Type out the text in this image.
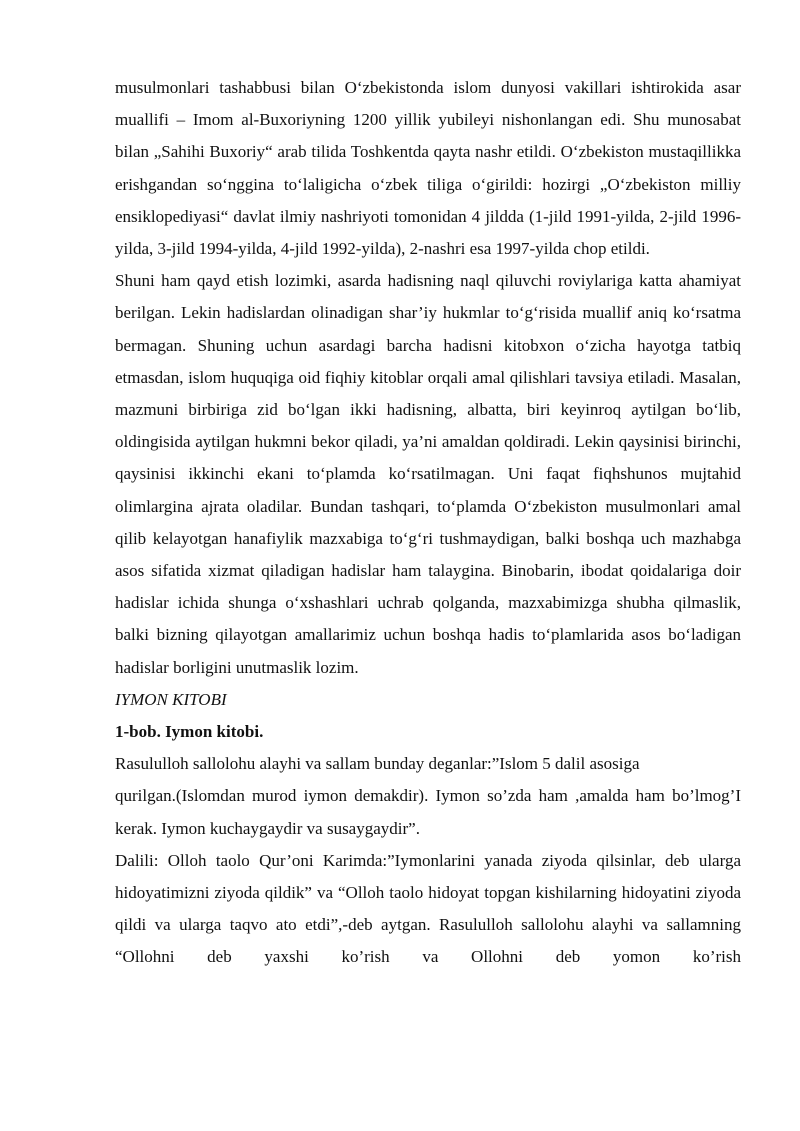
musulmonlari tashabbusi bilan O‘zbekistonda islom dunyosi vakillari ishtirokida asar muallifi – Imom al-Buxoriyning 1200 yillik yubileyi nishonlangan edi. Shu munosabat bilan „Sahihi Buxoriy“ arab tilida Toshkentda qayta nashr etildi. O‘zbekiston mustaqillikka erishgandan so‘nggina to‘laligicha o‘zbek tiliga o‘girildi: hozirgi „O‘zbekiston milliy ensiklopediyasi“ davlat ilmiy nashriyoti tomonidan 4 jildda (1-jild 1991-yilda, 2-jild 1996-yilda, 3-jild 1994-yilda, 4-jild 1992-yilda), 2-nashri esa 1997-yilda chop etildi.

Shuni ham qayd etish lozimki, asarda hadisning naql qiluvchi roviylariga katta ahamiyat berilgan. Lekin hadislardan olinadigan shar’iy hukmlar to‘g‘risida muallif aniq ko‘rsatma bermagan. Shuning uchun asardagi barcha hadisni kitobxon o‘zicha hayotga tatbiq etmasdan, islom huquqiga oid fiqhiy kitoblar orqali amal qilishlari tavsiya etiladi. Masalan, mazmuni birbiriga zid bo‘lgan ikki hadisning, albatta, biri keyinroq aytilgan bo‘lib, oldingisida aytilgan hukmni bekor qiladi, ya’ni amaldan qoldiradi. Lekin qaysinisi birinchi, qaysinisi ikkinchi ekani to‘plamda ko‘rsatilmagan. Uni faqat fiqhshunos mujtahid olimlargina ajrata oladilar. Bundan tashqari, to‘plamda O‘zbekiston musulmonlari amal qilib kelayotgan hanafiylik mazxabiga to‘g‘ri tushmaydigan, balki boshqa uch mazhabga asos sifatida xizmat qiladigan hadislar ham talaygina. Binobarin, ibodat qoidalariga doir hadislar ichida shunga o‘xshashlari uchrab qolganda, mazxabimizga shubha qilmaslik, balki bizning qilayotgan amallarimiz uchun boshqa hadis to‘plamlarida asos bo‘ladigan hadislar borligini unutmaslik lozim.

IYMON KITOBI

1-bob. Iymon kitobi.

Rasululloh sallolohu alayhi va sallam bunday deganlar:”Islom 5 dalil asosiga

qurilgan.(Islomdan murod iymon demakdir). Iymon so’zda ham ,amalda ham bo’lmog’I kerak. Iymon kuchaygaydir va susaygaydir”.

Dalili: Olloh taolo Qur’oni Karimda:”Iymonlarini yanada ziyoda qilsinlar, deb ularga hidoyatimizni ziyoda qildik” va “Olloh taolo hidoyat topgan kishilarning hidoyatini ziyoda qildi va ularga taqvo ato etdi”,-deb aytgan. Rasululloh sallolohu alayhi va sallamning “Ollohni deb yaxshi ko’rish va Ollohni deb yomon ko’rish
